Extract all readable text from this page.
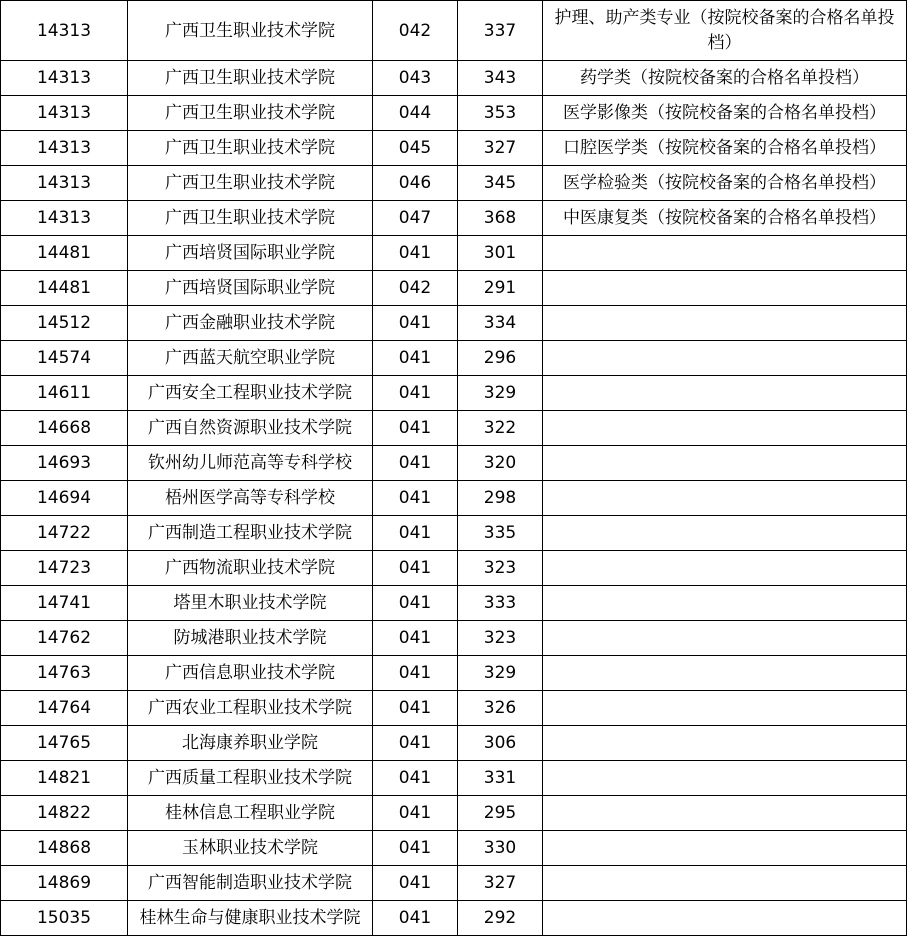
14313	广西卫生职业技术学院	042	337	护理、助产类专业（按院校备案的合格名单投档）
14313	广西卫生职业技术学院	043	343	药学类（按院校备案的合格名单投档）
14313	广西卫生职业技术学院	044	353	医学影像类（按院校备案的合格名单投档）
14313	广西卫生职业技术学院	045	327	口腔医学类（按院校备案的合格名单投档）
14313	广西卫生职业技术学院	046	345	医学检验类（按院校备案的合格名单投档）
14313	广西卫生职业技术学院	047	368	中医康复类（按院校备案的合格名单投档）
14481	广西培贤国际职业学院	041	301	
14481	广西培贤国际职业学院	042	291	
14512	广西金融职业技术学院	041	334	
14574	广西蓝天航空职业学院	041	296	
14611	广西安全工程职业技术学院	041	329	
14668	广西自然资源职业技术学院	041	322	
14693	钦州幼儿师范高等专科学校	041	320	
14694	梧州医学高等专科学校	041	298	
14722	广西制造工程职业技术学院	041	335	
14723	广西物流职业技术学院	041	323	
14741	塔里木职业技术学院	041	333	
14762	防城港职业技术学院	041	323	
14763	广西信息职业技术学院	041	329	
14764	广西农业工程职业技术学院	041	326	
14765	北海康养职业学院	041	306	
14821	广西质量工程职业技术学院	041	331	
14822	桂林信息工程职业学院	041	295	
14868	玉林职业技术学院	041	330	
14869	广西智能制造职业技术学院	041	327	
15035	桂林生命与健康职业技术学院	041	292	
